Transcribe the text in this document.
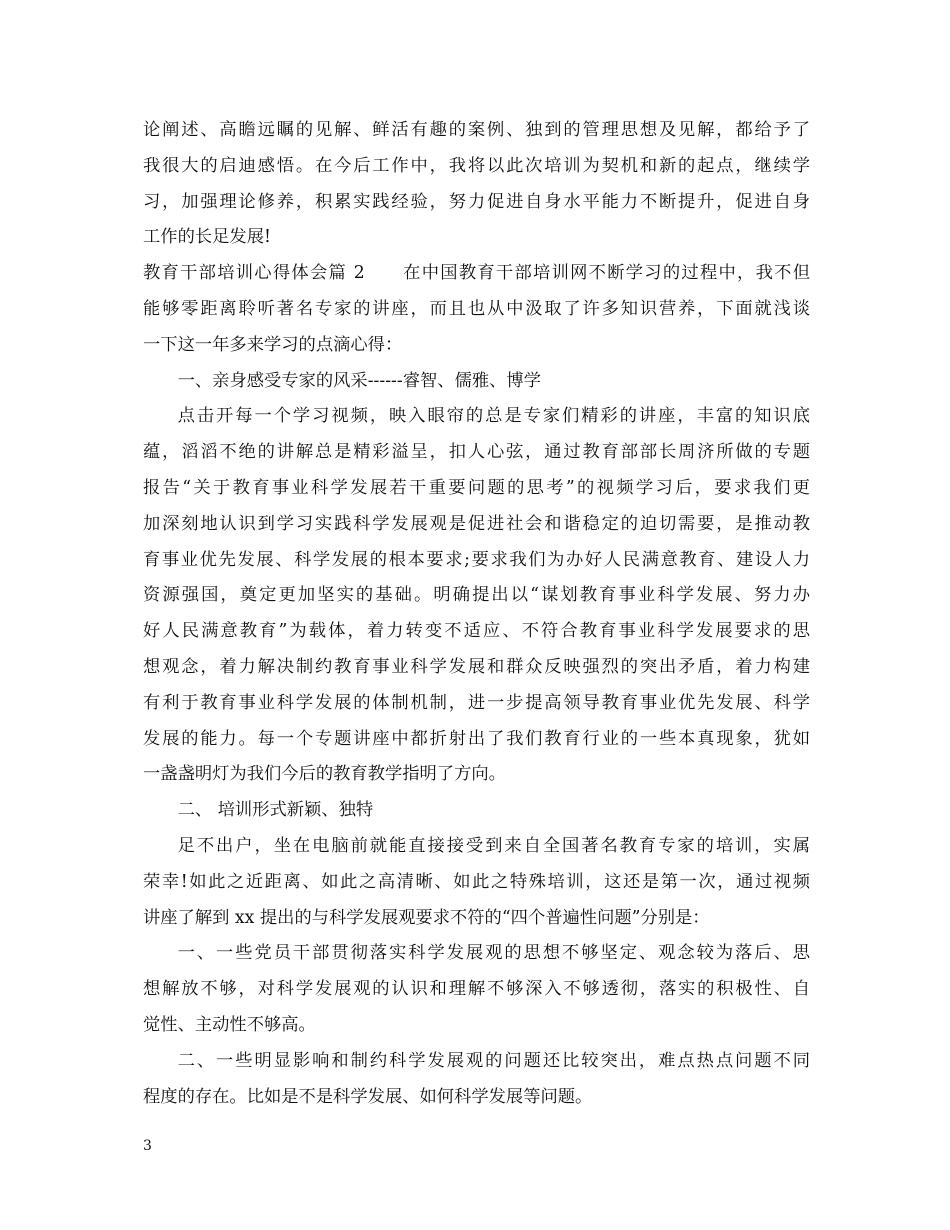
论阐述、高瞻远瞩的见解、鲜活有趣的案例、独到的管理思想及见解，都给予了
我很大的启迪感悟。在今后工作中，我将以此次培训为契机和新的起点，继续学
习，加强理论修养，积累实践经验，努力促进自身水平能力不断提升，促进自身
工作的长足发展!
教育干部培训心得体会篇 2　　在中国教育干部培训网不断学习的过程中，我不但
能够零距离聆听著名专家的讲座，而且也从中汲取了许多知识营养，下面就浅谈
一下这一年多来学习的点滴心得：
一、亲身感受专家的风采------睿智、儒雅、博学
点击开每一个学习视频，映入眼帘的总是专家们精彩的讲座，丰富的知识底
蕴，滔滔不绝的讲解总是精彩溢呈，扣人心弦，通过教育部部长周济所做的专题
报告“关于教育事业科学发展若干重要问题的思考”的视频学习后，要求我们更
加深刻地认识到学习实践科学发展观是促进社会和谐稳定的迫切需要，是推动教
育事业优先发展、科学发展的根本要求;要求我们为办好人民满意教育、建设人力
资源强国，奠定更加坚实的基础。明确提出以“谋划教育事业科学发展、努力办
好人民满意教育”为载体，着力转变不适应、不符合教育事业科学发展要求的思
想观念，着力解决制约教育事业科学发展和群众反映强烈的突出矛盾，着力构建
有利于教育事业科学发展的体制机制，进一步提高领导教育事业优先发展、科学
发展的能力。每一个专题讲座中都折射出了我们教育行业的一些本真现象，犹如
一盏盏明灯为我们今后的教育教学指明了方向。
二、 培训形式新颖、独特
足不出户，坐在电脑前就能直接接受到来自全国著名教育专家的培训，实属
荣幸!如此之近距离、如此之高清晰、如此之特殊培训，这还是第一次，通过视频
讲座了解到 xx 提出的与科学发展观要求不符的“四个普遍性问题”分别是：
一、一些党员干部贯彻落实科学发展观的思想不够坚定、观念较为落后、思
想解放不够，对科学发展观的认识和理解不够深入不够透彻，落实的积极性、自
觉性、主动性不够高。
二、一些明显影响和制约科学发展观的问题还比较突出，难点热点问题不同
程度的存在。比如是不是科学发展、如何科学发展等问题。
3
